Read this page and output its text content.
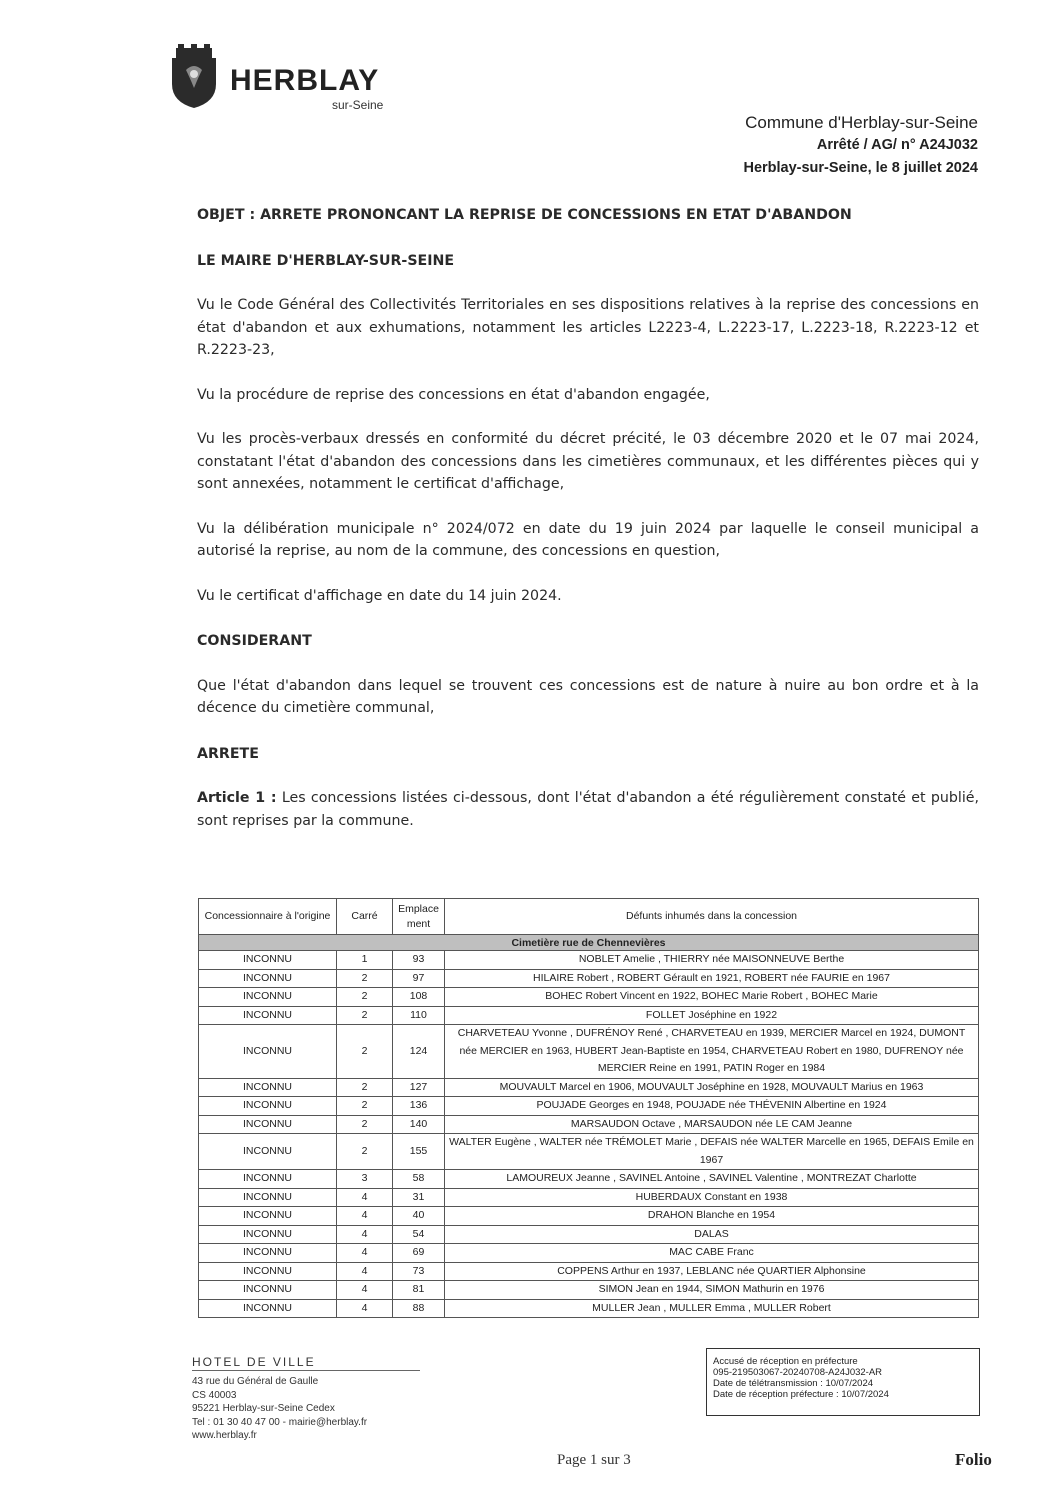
HERBLAY
sur-Seine
Commune d'Herblay-sur-Seine
Arrêté / AG/ n° A24J032
Herblay-sur-Seine, le 8 juillet 2024
OBJET : ARRETE PRONONCANT LA REPRISE DE CONCESSIONS EN ETAT D'ABANDON
LE MAIRE D'HERBLAY-SUR-SEINE
Vu le Code Général des Collectivités Territoriales en ses dispositions relatives à la reprise des concessions en état d'abandon et aux exhumations, notamment les articles L2223-4, L.2223-17, L.2223-18, R.2223-12 et R.2223-23,
Vu la procédure de reprise des concessions en état d'abandon engagée,
Vu les procès-verbaux dressés en conformité du décret précité, le 03 décembre 2020 et le 07 mai 2024, constatant l'état d'abandon des concessions dans les cimetières communaux, et les différentes pièces qui y sont annexées, notamment le certificat d'affichage,
Vu la délibération municipale n° 2024/072 en date du 19 juin 2024 par laquelle le conseil municipal a autorisé la reprise, au nom de la commune, des concessions en question,
Vu le certificat d'affichage en date du 14 juin 2024.
CONSIDERANT
Que l'état d'abandon dans lequel se trouvent ces concessions est de nature à nuire au bon ordre et à la décence du cimetière communal,
ARRETE
Article 1 : Les concessions listées ci-dessous, dont l'état d'abandon a été régulièrement constaté et publié, sont reprises par la commune.
Concessionnaire à l'origine	Carré	Emplace ment	Défunts inhumés dans la concession
Cimetière rue de Chennevières			
INCONNU	1	93	NOBLET Amelie , THIERRY née MAISONNEUVE Berthe
INCONNU	2	97	HILAIRE Robert , ROBERT Gérault en 1921, ROBERT née FAURIE en 1967
INCONNU	2	108	BOHEC Robert Vincent en 1922, BOHEC Marie Robert , BOHEC Marie
INCONNU	2	110	FOLLET Joséphine en 1922
INCONNU	2	124	CHARVETEAU Yvonne , DUFRÉNOY René , CHARVETEAU en 1939, MERCIER Marcel en 1924, DUMONT née MERCIER en 1963, HUBERT Jean-Baptiste en 1954, CHARVETEAU Robert en 1980, DUFRENOY née MERCIER Reine en 1991, PATIN Roger en 1984
INCONNU	2	127	MOUVAULT Marcel en 1906, MOUVAULT Joséphine en 1928, MOUVAULT Marius en 1963
INCONNU	2	136	POUJADE Georges en 1948, POUJADE née THÉVENIN Albertine en 1924
INCONNU	2	140	MARSAUDON Octave , MARSAUDON née LE CAM Jeanne
INCONNU	2	155	WALTER Eugène , WALTER née TRÉMOLET Marie , DEFAIS née WALTER Marcelle en 1965, DEFAIS Emile en 1967
INCONNU	3	58	LAMOUREUX Jeanne , SAVINEL Antoine , SAVINEL Valentine , MONTREZAT Charlotte
INCONNU	4	31	HUBERDAUX Constant en 1938
INCONNU	4	40	DRAHON Blanche en 1954
INCONNU	4	54	DALAS
INCONNU	4	69	MAC CABE Franc
INCONNU	4	73	COPPENS Arthur en 1937, LEBLANC née QUARTIER Alphonsine
INCONNU	4	81	SIMON Jean en 1944, SIMON Mathurin en 1976
INCONNU	4	88	MULLER Jean , MULLER Emma , MULLER Robert
HOTEL DE VILLE
43 rue du Général de Gaulle
CS 40003
95221 Herblay-sur-Seine Cedex
Tel : 01 30 40 47 00 - mairie@herblay.fr
www.herblay.fr
Accusé de réception en préfecture
095-219503067-20240708-A24J032-AR
Date de télétransmission : 10/07/2024
Date de réception préfecture : 10/07/2024
Page 1 sur 3	Folio
